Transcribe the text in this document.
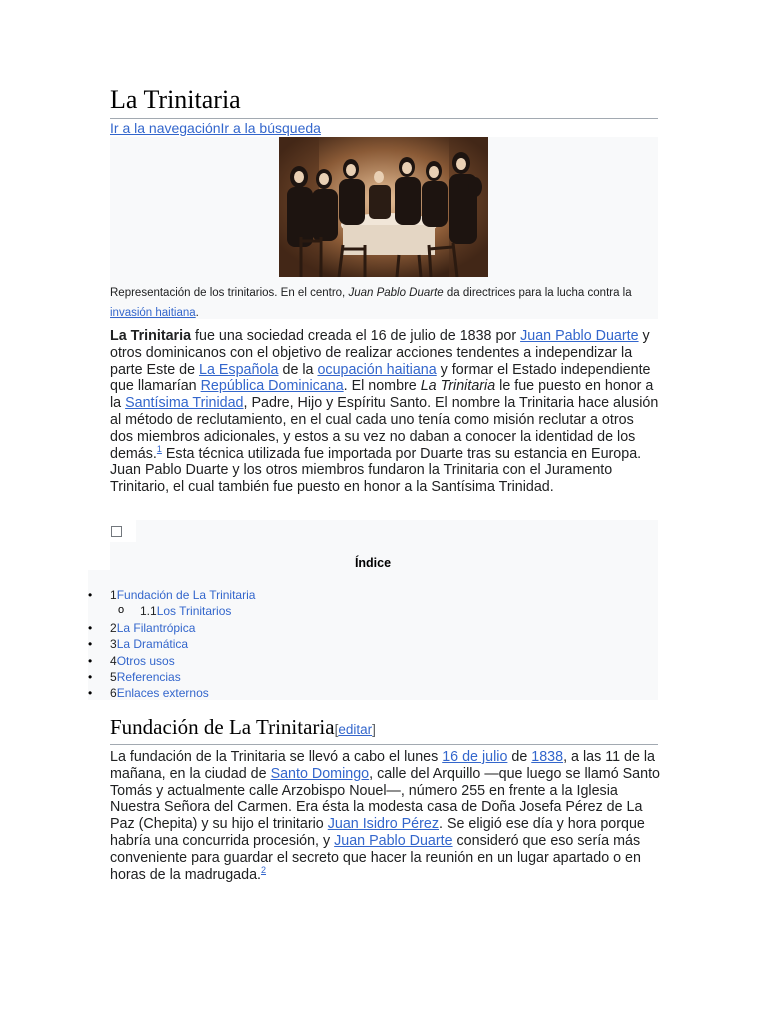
La Trinitaria
Ir a la navegaciónIr a la búsqueda
Representación de los trinitarios. En el centro, Juan Pablo Duarte da directrices para la lucha contra la invasión haitiana.

La Trinitaria fue una sociedad creada el 16 de julio de 1838 por Juan Pablo Duarte y otros dominicanos con el objetivo de realizar acciones tendentes a independizar la parte Este de La Española de la ocupación haitiana y formar el Estado independiente que llamarían República Dominicana. El nombre La Trinitaria le fue puesto en honor a la Santísima Trinidad, Padre, Hijo y Espíritu Santo. El nombre la Trinitaria hace alusión al método de reclutamiento, en el cual cada uno tenía como misión reclutar a otros dos miembros adicionales, y estos a su vez no daban a conocer la identidad de los demás.$^1$ Esta técnica utilizada fue importada por Duarte tras su estancia en Europa. Juan Pablo Duarte y los otros miembros fundaron la Trinitaria con el Juramento Trinitario, el cual también fue puesto en honor a la Santísima Trinidad.

Índice
• 1Fundación de La Trinitaria
o 1.1Los Trinitarios
• 2La Filantrópica
• 3La Dramática
• 4Otros usos
• 5Referencias
• 6Enlaces externos
Fundación de La Trinitaria[editar]

La fundación de la Trinitaria se llevó a cabo el lunes 16 de julio de 1838, a las 11 de la mañana, en la ciudad de Santo Domingo, calle del Arquillo —que luego se llamó Santo Tomás y actualmente calle Arzobispo Nouel—, número 255 en frente a la Iglesia Nuestra Señora del Carmen. Era ésta la modesta casa de Doña Josefa Pérez de La Paz (Chepita) y su hijo el trinitario Juan Isidro Pérez. Se eligió ese día y hora porque habría una concurrida procesión, y Juan Pablo Duarte consideró que eso sería más conveniente para guardar el secreto que hacer la reunión en un lugar apartado o en horas de la madrugada.$^2$
